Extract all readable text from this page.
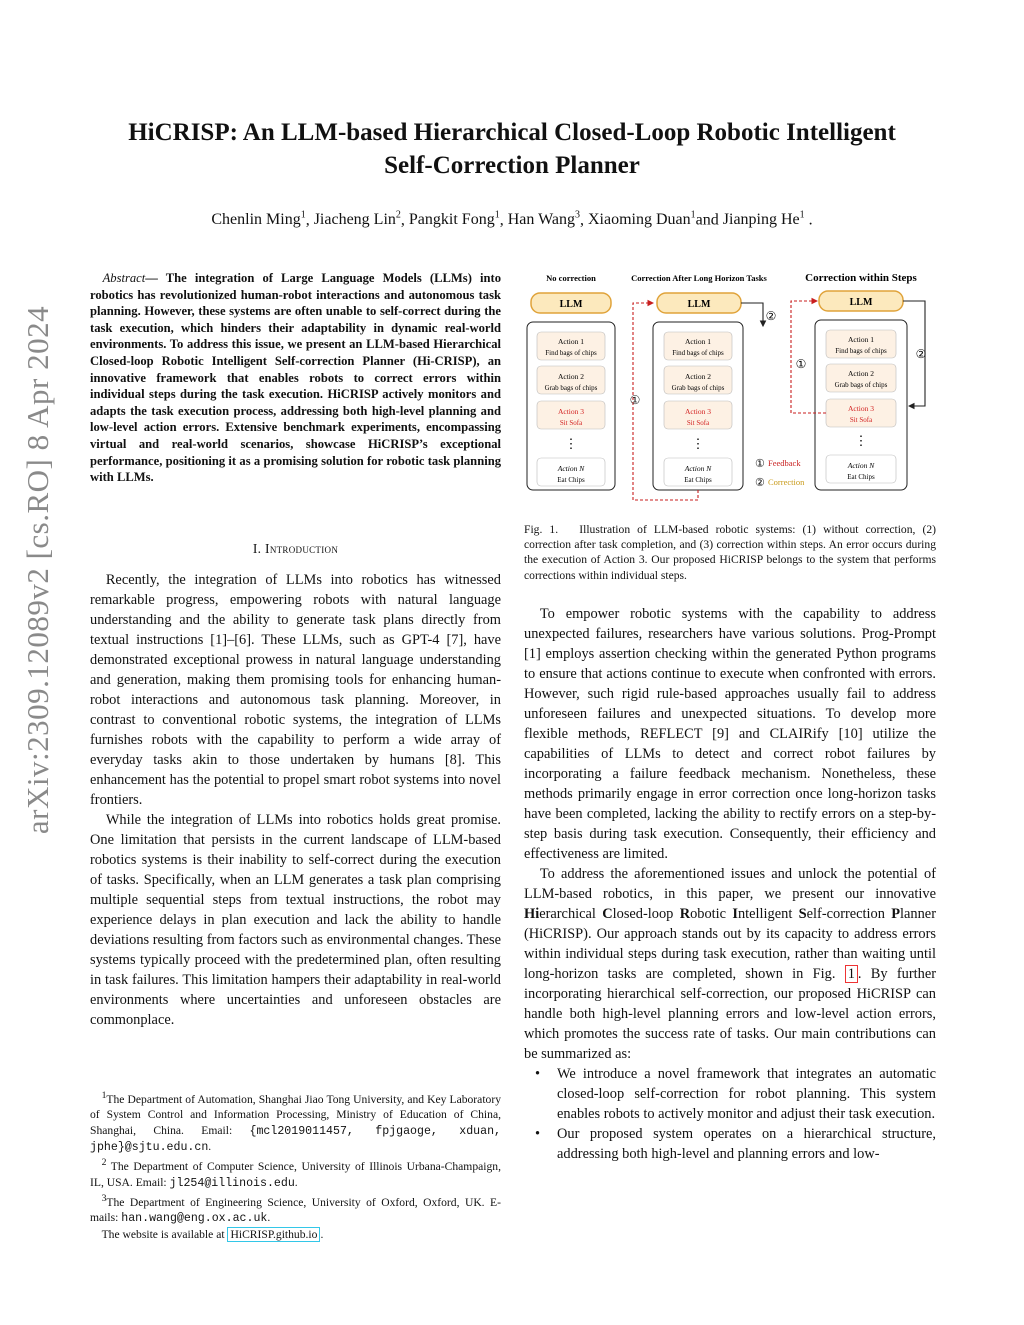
arXiv:2309.12089v2 [cs.RO] 8 Apr 2024
HiCRISP: An LLM-based Hierarchical Closed-Loop Robotic Intelligent
Self-Correction Planner
Chenlin Ming$^1$, Jiacheng Lin$^2$, Pangkit Fong$^1$, Han Wang$^3$, Xiaoming Duan$^1$and Jianping He$^1$ .
Abstract— The integration of Large Language Models (LLMs) into robotics has revolutionized human-robot interactions and autonomous task planning. However, these systems are often unable to self-correct during the task execution, which hinders their adaptability in dynamic real-world environments. To address this issue, we present an LLM-based Hierarchical Closed-loop Robotic Intelligent Self-correction Planner (Hi-CRISP), an innovative framework that enables robots to correct errors within individual steps during the task execution. HiCRISP actively monitors and adapts the task execution process, addressing both high-level planning and low-level action errors. Extensive benchmark experiments, encompassing virtual and real-world scenarios, showcase HiCRISP’s exceptional performance, positioning it as a promising solution for robotic task planning with LLMs.
I. Introduction

Recently, the integration of LLMs into robotics has witnessed remarkable progress, empowering robots with natural language understanding and the ability to generate task plans directly from textual instructions [1]–[6]. These LLMs, such as GPT-4 [7], have demonstrated exceptional prowess in natural language understanding and generation, making them promising tools for enhancing human-robot interactions and autonomous task planning. Moreover, in contrast to conventional robotic systems, the integration of LLMs furnishes robots with the capability to perform a wide array of everyday tasks akin to those undertaken by humans [8]. This enhancement has the potential to propel smart robot systems into novel frontiers.

While the integration of LLMs into robotics holds great promise. One limitation that persists in the current landscape of LLM-based robotics systems is their inability to self-correct during the execution of tasks. Specifically, when an LLM generates a task plan comprising multiple sequential steps from textual instructions, the robot may experience delays in plan execution and lack the ability to handle deviations resulting from factors such as environmental changes. These systems typically proceed with the predetermined plan, often resulting in task failures. This limitation hampers their adaptability in real-world environments where uncertainties and unforeseen obstacles are commonplace.

$^1$The Department of Automation, Shanghai Jiao Tong University, and Key Laboratory of System Control and Information Processing, Ministry of Education of China, Shanghai, China. Email: {mcl2019011457, fpjgaoge, xduan, jphe}@sjtu.edu.cn.

$^2$ The Department of Computer Science, University of Illinois Urbana-Champaign, IL, USA. Email: jl254@illinois.edu.

$^3$The Department of Engineering Science, University of Oxford, Oxford, UK. E-mails: han.wang@eng.ox.ac.uk.

The website is available at HiCRISP.github.io .

No correction	Correction After Long Horizon Tasks	Correction within Steps
LLM
Action 1
Find bags of chips
Action 2
Grab bags of chips
Action 3
Sit Sofa
⋮
Action N
Eat Chips
LLM
Action 1
Find bags of chips
Action 2
Grab bags of chips
Action 3
Sit Sofa
⋮
Action N
Eat Chips
①
②
LLM
Action 1
Find bags of chips
Action 2
Grab bags of chips
Action 3
Sit Sofa
⋮
Action N
Eat Chips
①
②
① Feedback
② Correction
Fig. 1. Illustration of LLM-based robotic systems: (1) without correction, (2) correction after task completion, and (3) correction within steps. An error occurs during the execution of Action 3. Our proposed HiCRISP belongs to the system that performs corrections within individual steps.

To empower robotic systems with the capability to address unexpected failures, researchers have various solutions. Prog-Prompt [1] employs assertion checking within the generated Python programs to ensure that actions continue to execute when confronted with errors. However, such rigid rule-based approaches usually fail to address unforeseen failures and unexpected situations. To develop more flexible methods, REFLECT [9] and CLAIRify [10] utilize the capabilities of LLMs to detect and correct robot failures by incorporating a failure feedback mechanism. Nonetheless, these methods primarily engage in error correction once long-horizon tasks have been completed, lacking the ability to rectify errors on a step-by-step basis during task execution. Consequently, their efficiency and effectiveness are limited.

To address the aforementioned issues and unlock the potential of LLM-based robotics, in this paper, we present our innovative Hierarchical Closed-loop Robotic Intelligent Self-correction Planner (HiCRISP). Our approach stands out by its capacity to address errors within individual steps during task execution, rather than waiting until long-horizon tasks are completed, shown in Fig. 1 . By further incorporating hierarchical self-correction, our proposed HiCRISP can handle both high-level planning errors and low-level action errors, which promotes the success rate of tasks. Our main contributions can be summarized as:

• We introduce a novel framework that integrates an automatic closed-loop self-correction for robot planning. This system enables robots to actively monitor and adjust their task execution.
• Our proposed system operates on a hierarchical structure, addressing both high-level and planning errors and low-
